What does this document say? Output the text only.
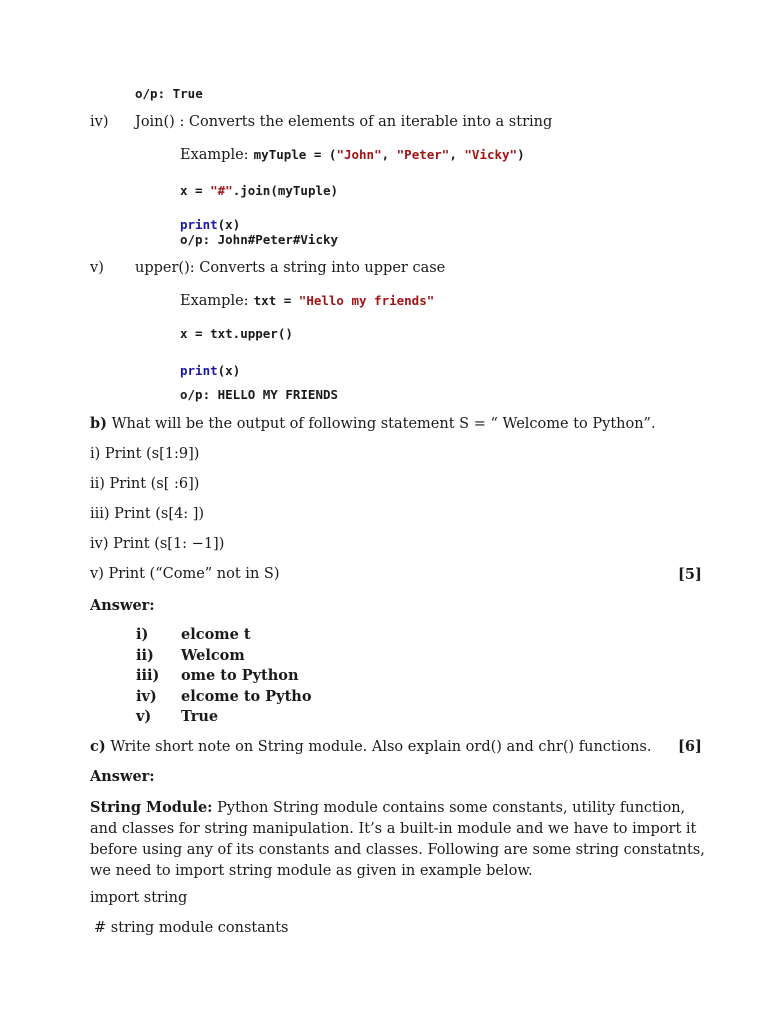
o/p: True
iv) Join() : Converts the elements of an iterable into a string
Example: myTuple = ("John", "Peter", "Vicky")
x = "#".join(myTuple)
print(x)
o/p: John#Peter#Vicky
v) upper(): Converts a string into upper case
Example: txt = "Hello my friends"
x = txt.upper()
print(x)
o/p: HELLO MY FRIENDS
b) What will be the output of following statement S = “ Welcome to Python”.
i) Print (s[1:9])
ii) Print (s[ :6])
iii) Print (s[4: ])
iv) Print (s[1: −1])
v) Print (“Come” not in S)	[5]
Answer:
i) elcome t
ii) Welcom
iii) ome to Python
iv) elcome to Pytho
v) True
c) Write short note on String module. Also explain ord() and chr() functions. [6]
Answer:
String Module: Python String module contains some constants, utility function, and classes for string manipulation. It’s a built-in module and we have to import it before using any of its constants and classes. Following are some string constatnts, we need to import string module as given in example below.
import string
# string module constants
